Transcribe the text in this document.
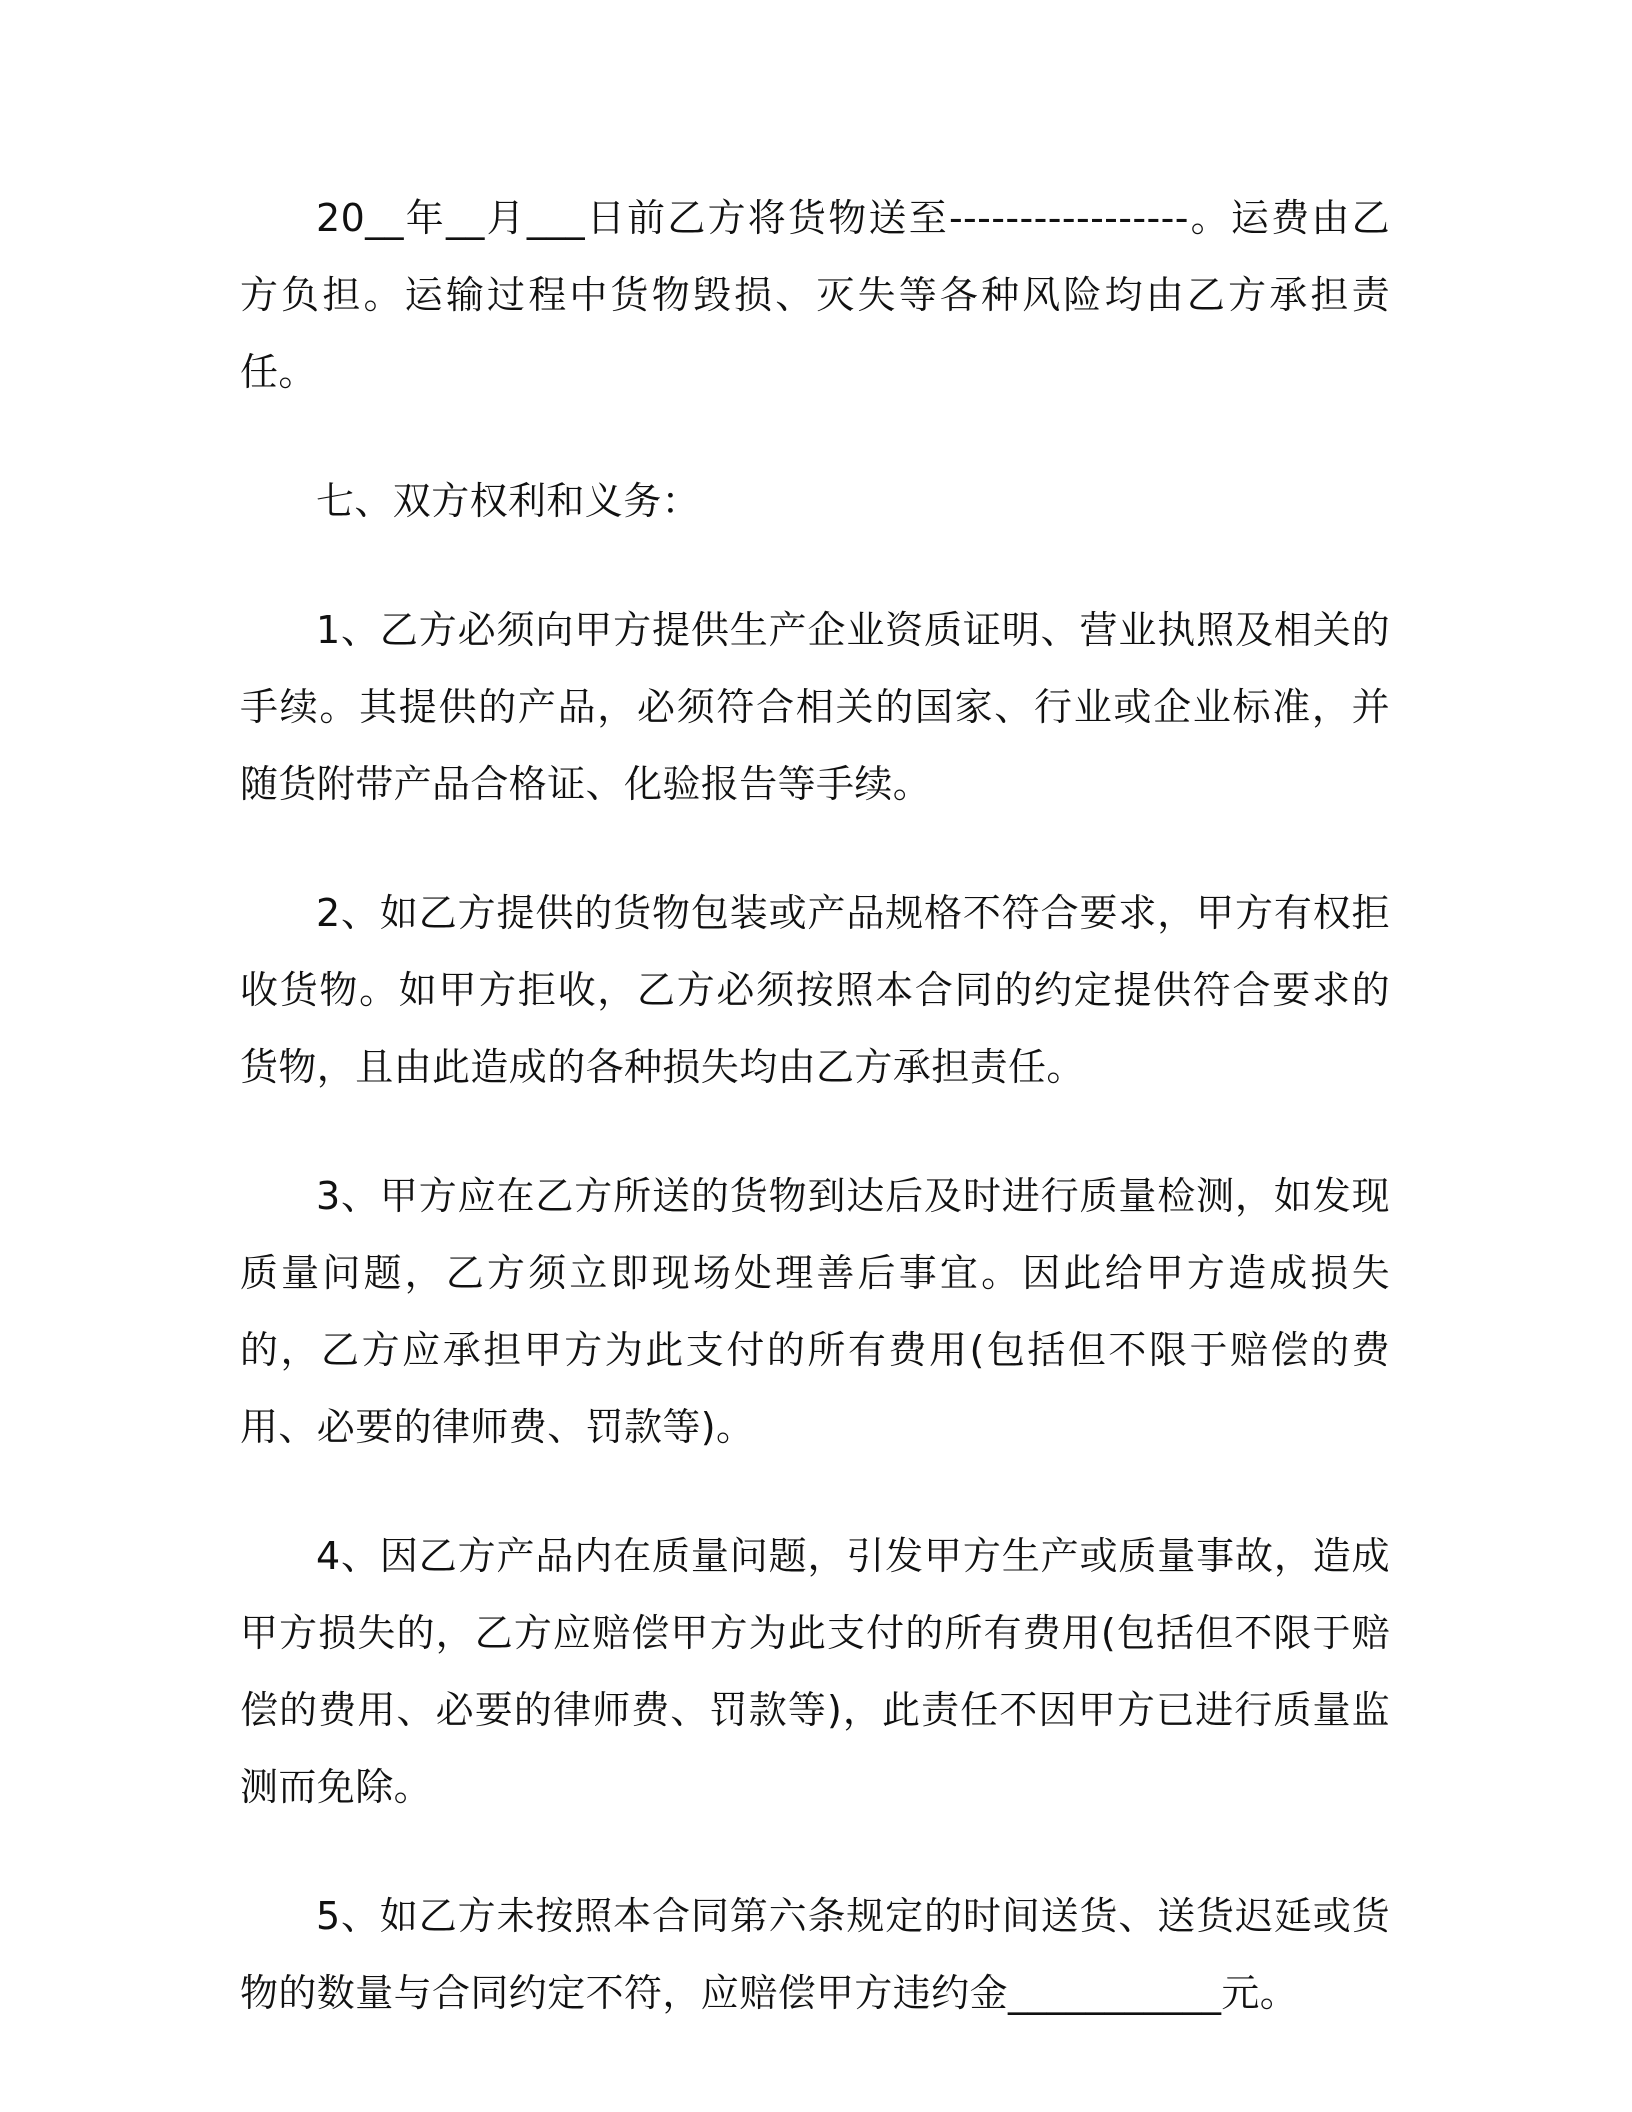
20__年__月___日前乙方将货物送至-----------------。运费由乙方负担。运输过程中货物毁损、灭失等各种风险均由乙方承担责任。

七、双方权利和义务：

1、乙方必须向甲方提供生产企业资质证明、营业执照及相关的手续。其提供的产品，必须符合相关的国家、行业或企业标准，并随货附带产品合格证、化验报告等手续。

2、如乙方提供的货物包装或产品规格不符合要求，甲方有权拒收货物。如甲方拒收，乙方必须按照本合同的约定提供符合要求的货物，且由此造成的各种损失均由乙方承担责任。

3、甲方应在乙方所送的货物到达后及时进行质量检测，如发现质量问题，乙方须立即现场处理善后事宜。因此给甲方造成损失的，乙方应承担甲方为此支付的所有费用(包括但不限于赔偿的费用、必要的律师费、罚款等)。

4、因乙方产品内在质量问题，引发甲方生产或质量事故，造成甲方损失的，乙方应赔偿甲方为此支付的所有费用(包括但不限于赔偿的费用、必要的律师费、罚款等)，此责任不因甲方已进行质量监测而免除。

5、如乙方未按照本合同第六条规定的时间送货、送货迟延或货物的数量与合同约定不符，应赔偿甲方违约金___________元。
